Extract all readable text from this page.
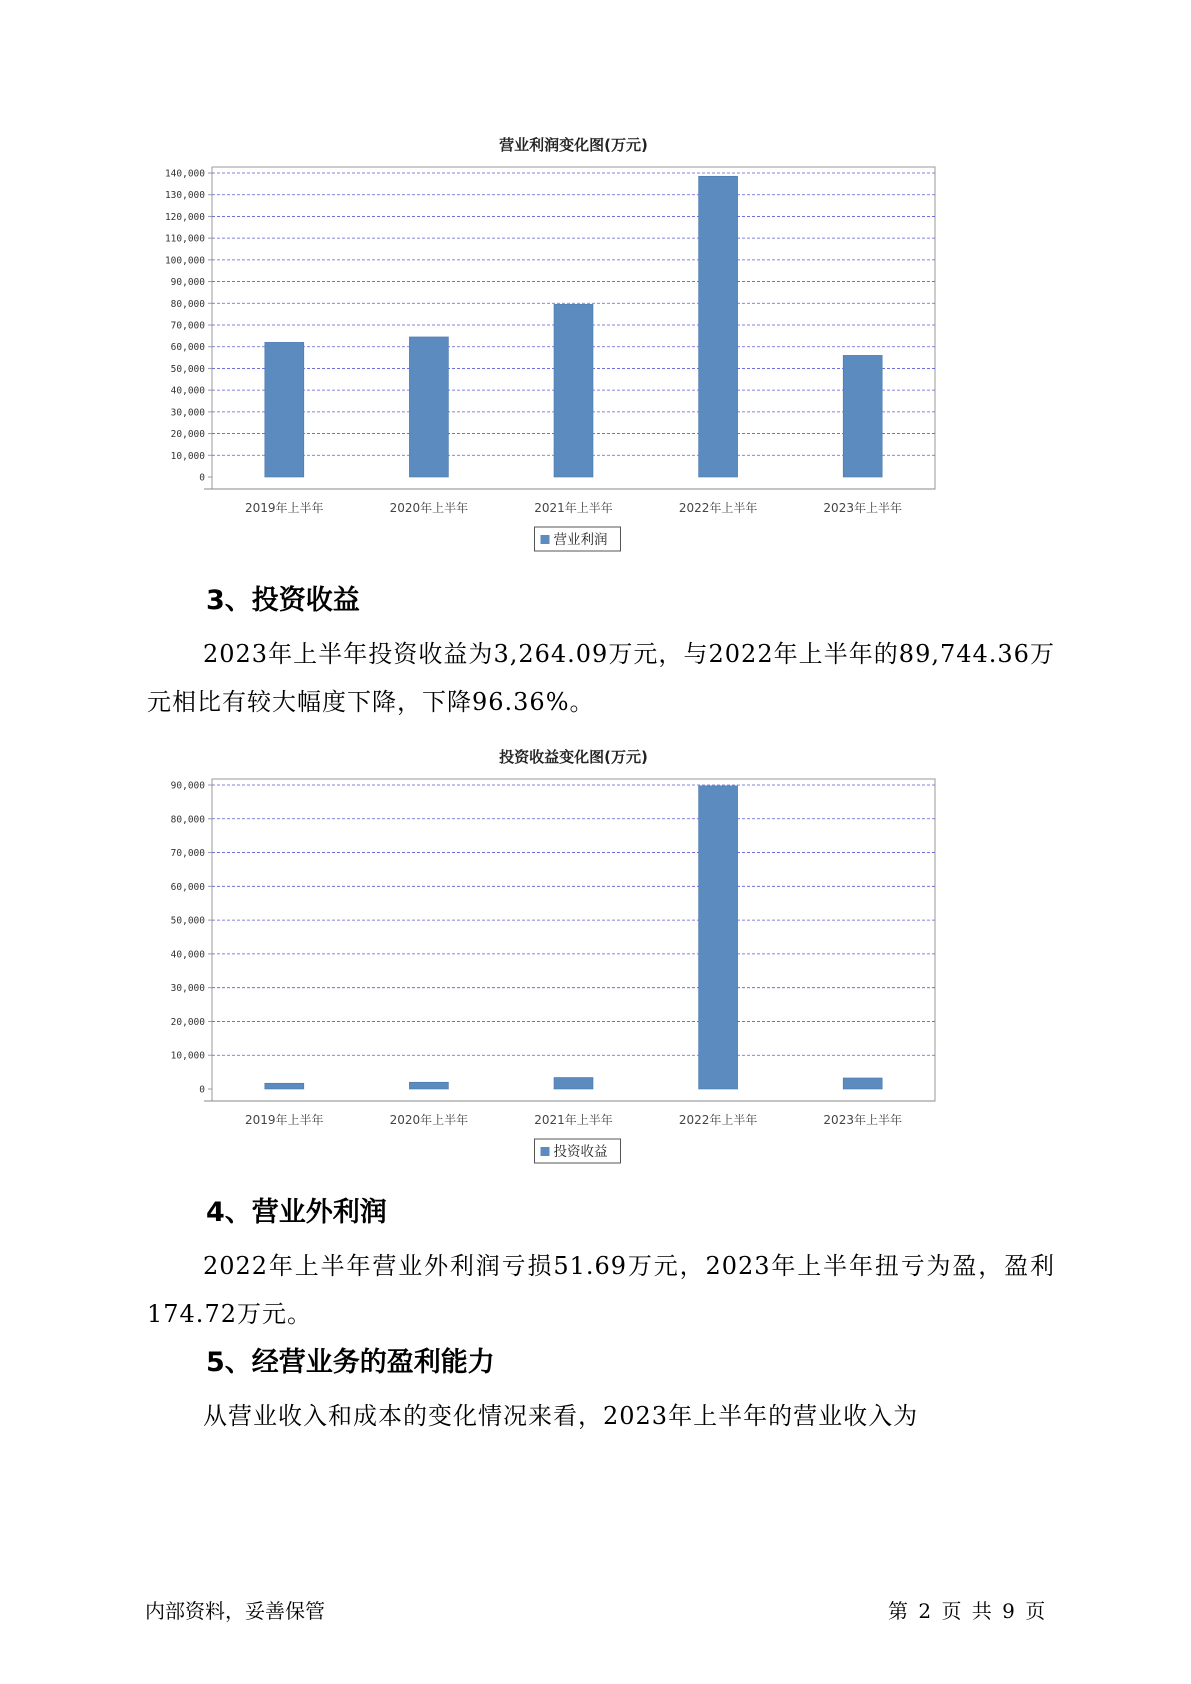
营业利润变化图(万元)
0
10,000
20,000
30,000
40,000
50,000
60,000
70,000
80,000
90,000
100,000
110,000
120,000
130,000
140,000
2019年上半年	2020年上半年	2021年上半年	2022年上半年	2023年上半年
营业利润
3、投资收益

2023年上半年投资收益为3,264.09万元，与2022年上半年的89,744.36万元相比有较大幅度下降，下降96.36%。

投资收益变化图(万元)
0
10,000
20,000
30,000
40,000
50,000
60,000
70,000
80,000
90,000
2019年上半年	2020年上半年	2021年上半年	2022年上半年	2023年上半年
投资收益
4、营业外利润

2022年上半年营业外利润亏损51.69万元，2023年上半年扭亏为盈，盈利174.72万元。

5、经营业务的盈利能力

从营业收入和成本的变化情况来看，2023年上半年的营业收入为

内部资料，妥善保管	第 2 页 共 9 页
